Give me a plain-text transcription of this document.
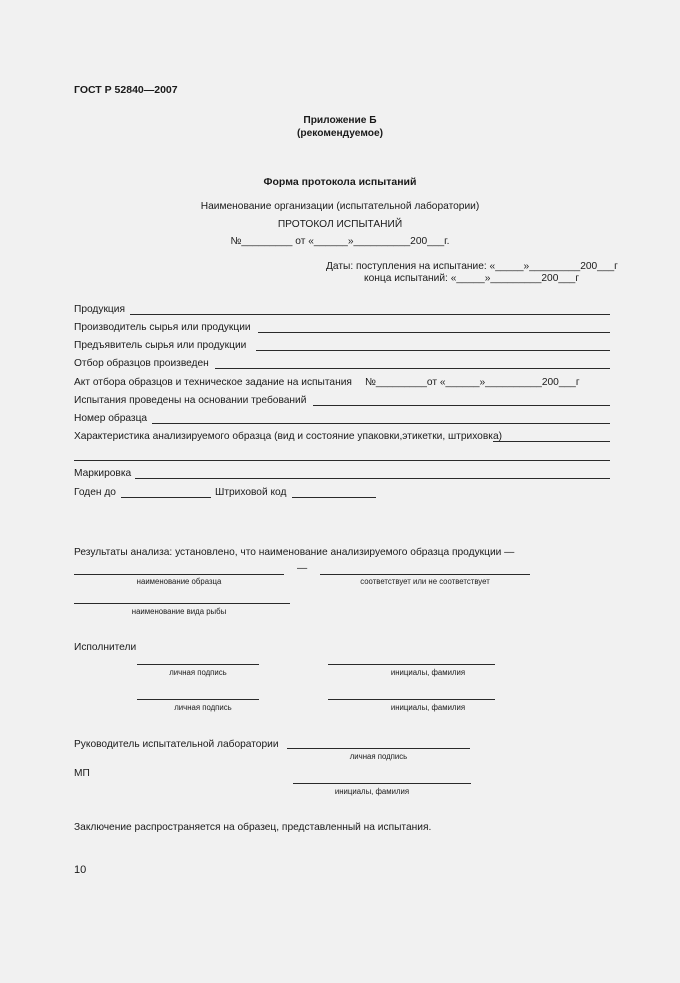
ГОСТ Р 52840—2007
Приложение Б
(рекомендуемое)
Форма протокола испытаний
Наименование организации (испытательной лаборатории)
ПРОТОКОЛ ИСПЫТАНИЙ
№_________ от «______»__________200___г.
Даты: поступления на испытание: «_____»_________200___г
конца испытаний: «_____»_________200___г
Продукция
Производитель сырья или продукции
Предъявитель сырья или продукции
Отбор образцов произведен
Акт отбора образцов и техническое задание на испытания №_________от «______»__________200___г
Испытания проведены на основании требований
Номер образца
Характеристика анализируемого образца (вид и состояние упаковки,этикетки, штриховка)
Маркировка
Годен до	Штриховой код
Результаты анализа: установлено, что наименование анализируемого образца продукции —
—
наименование образца	соответствует или не соответствует
наименование вида рыбы
Исполнители
личная подпись	инициалы, фамилия
личная подпись	инициалы, фамилия
Руководитель испытательной лаборатории
личная подпись
МП
инициалы, фамилия
Заключение распространяется на образец, представленный на испытания.
10
